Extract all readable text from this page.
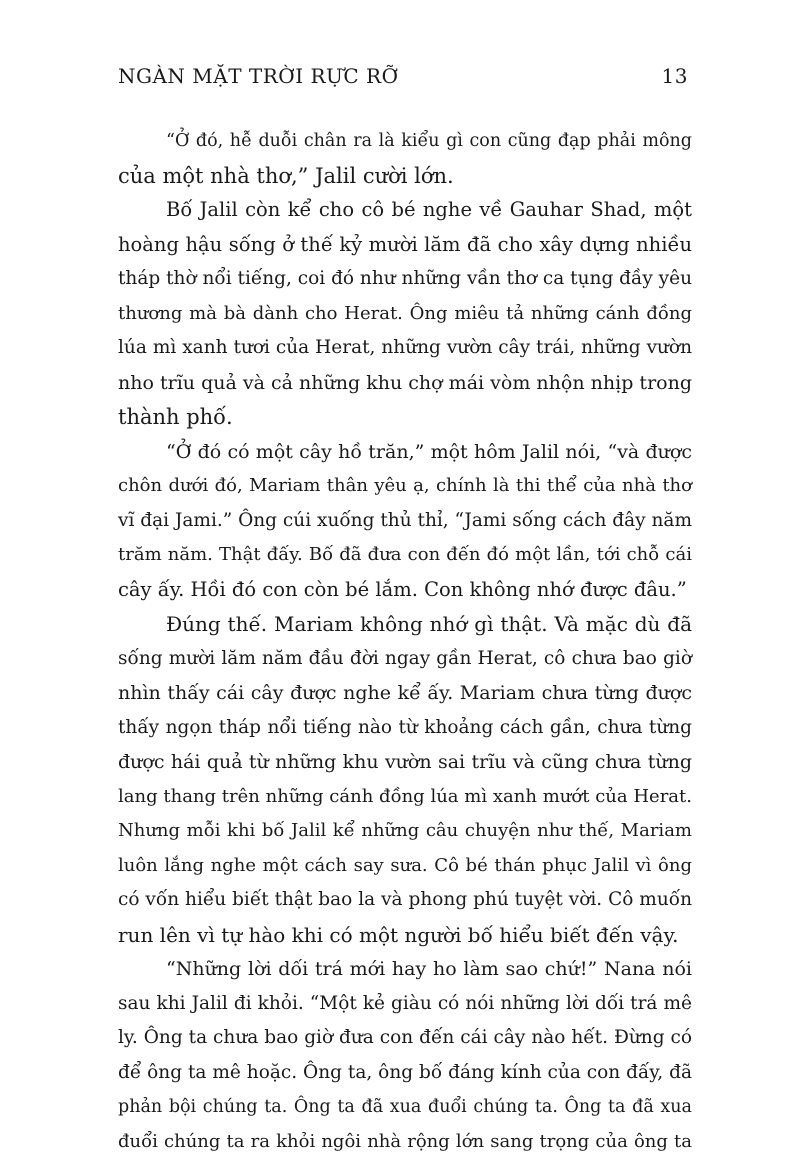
NGÀN MẶT TRỜI RỰC RỠ	13
“Ở đó, hễ duỗi chân ra là kiểu gì con cũng đạp phải mông
của một nhà thơ,” Jalil cười lớn.
Bố Jalil còn kể cho cô bé nghe về Gauhar Shad, một
hoàng hậu sống ở thế kỷ mười lăm đã cho xây dựng nhiều
tháp thờ nổi tiếng, coi đó như những vần thơ ca tụng đầy yêu
thương mà bà dành cho Herat. Ông miêu tả những cánh đồng
lúa mì xanh tươi của Herat, những vườn cây trái, những vườn
nho trĩu quả và cả những khu chợ mái vòm nhộn nhịp trong
thành phố.
“Ở đó có một cây hồ trăn,” một hôm Jalil nói, “và được
chôn dưới đó, Mariam thân yêu ạ, chính là thi thể của nhà thơ
vĩ đại Jami.” Ông cúi xuống thủ thỉ, “Jami sống cách đây năm
trăm năm. Thật đấy. Bố đã đưa con đến đó một lần, tới chỗ cái
cây ấy. Hồi đó con còn bé lắm. Con không nhớ được đâu.”
Đúng thế. Mariam không nhớ gì thật. Và mặc dù đã
sống mười lăm năm đầu đời ngay gần Herat, cô chưa bao giờ
nhìn thấy cái cây được nghe kể ấy. Mariam chưa từng được
thấy ngọn tháp nổi tiếng nào từ khoảng cách gần, chưa từng
được hái quả từ những khu vườn sai trĩu và cũng chưa từng
lang thang trên những cánh đồng lúa mì xanh mướt của Herat.
Nhưng mỗi khi bố Jalil kể những câu chuyện như thế, Mariam
luôn lắng nghe một cách say sưa. Cô bé thán phục Jalil vì ông
có vốn hiểu biết thật bao la và phong phú tuyệt vời. Cô muốn
run lên vì tự hào khi có một người bố hiểu biết đến vậy.
“Những lời dối trá mới hay ho làm sao chứ!” Nana nói
sau khi Jalil đi khỏi. “Một kẻ giàu có nói những lời dối trá mê
ly. Ông ta chưa bao giờ đưa con đến cái cây nào hết. Đừng có
để ông ta mê hoặc. Ông ta, ông bố đáng kính của con đấy, đã
phản bội chúng ta. Ông ta đã xua đuổi chúng ta. Ông ta đã xua
đuổi chúng ta ra khỏi ngôi nhà rộng lớn sang trọng của ông ta
